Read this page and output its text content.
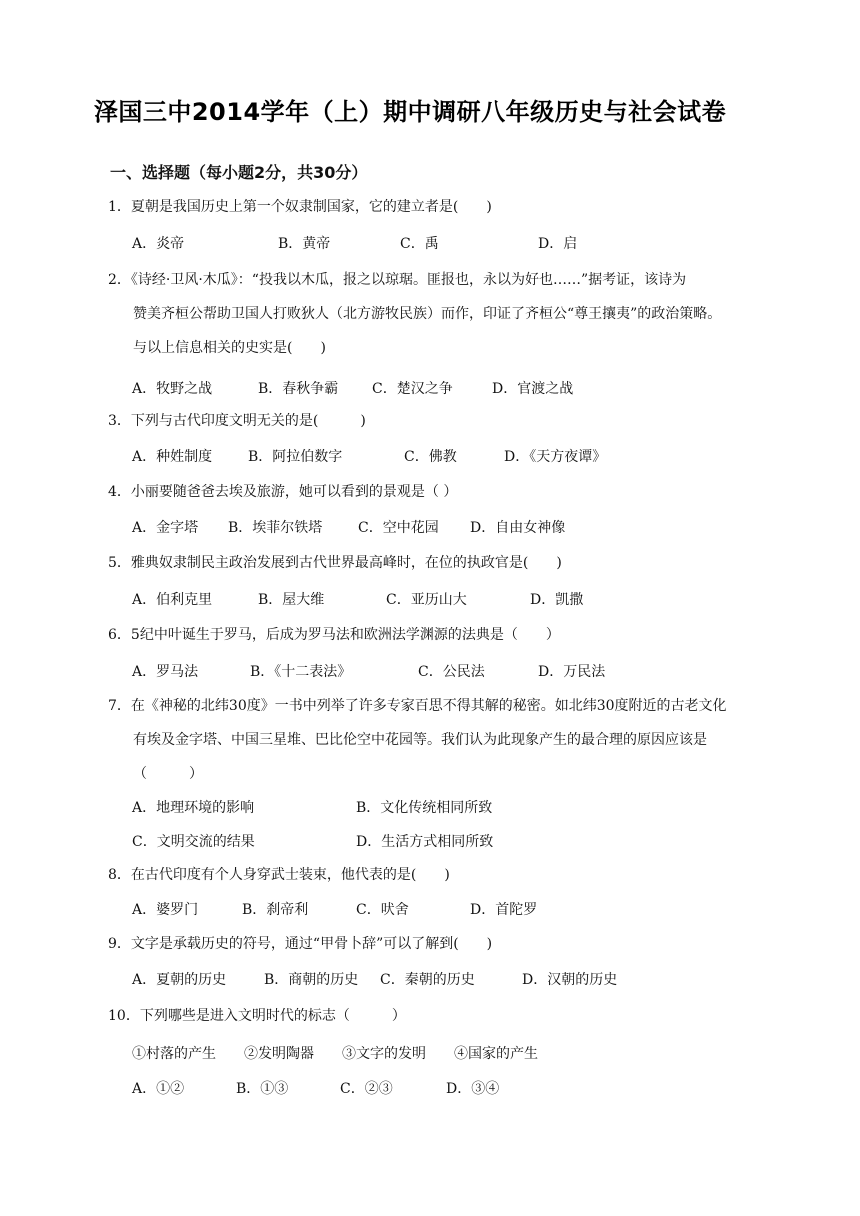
泽国三中2014学年（上）期中调研八年级历史与社会试卷
一、选择题（每小题2分，共30分）
1．夏朝是我国历史上第一个奴隶制国家，它的建立者是(　　)
A．炎帝	B．黄帝	C．禹	D．启
2．《诗经·卫风·木瓜》：“投我以木瓜，报之以琼琚。匪报也，永以为好也……”据考证，该诗为
赞美齐桓公帮助卫国人打败狄人（北方游牧民族）而作，印证了齐桓公“尊王攘夷”的政治策略。
与以上信息相关的史实是(　　)
A．牧野之战	B．春秋争霸 C．楚汉之争	D．官渡之战
3．下列与古代印度文明无关的是(　　　)
A．种姓制度	B．阿拉伯数字	C．佛教	D．《天方夜谭》
4．小丽要随爸爸去埃及旅游，她可以看到的景观是（ ）
A．金字塔 B．埃菲尔铁塔	C．空中花园 D．自由女神像
5．雅典奴隶制民主政治发展到古代世界最高峰时，在位的执政官是(　　)
A．伯利克里	B．屋大维	C．亚历山大	D．凯撒
6．5纪中叶诞生于罗马，后成为罗马法和欧洲法学渊源的法典是（　　）
A．罗马法	B．《十二表法》	C．公民法	D．万民法
7．在《神秘的北纬30度》一书中列举了许多专家百思不得其解的秘密。如北纬30度附近的古老文化
有埃及金字塔、中国三星堆、巴比伦空中花园等。我们认为此现象产生的最合理的原因应该是
（　　　）
A．地理环境的影响	B．文化传统相同所致
C．文明交流的结果	D．生活方式相同所致
8．在古代印度有个人身穿武士装束，他代表的是(　　)
A．婆罗门	B．刹帝利	C．吠舍	D．首陀罗
9．文字是承载历史的符号，通过“甲骨卜辞”可以了解到(　　)
A．夏朝的历史	B．商朝的历史 C．秦朝的历史	D．汉朝的历史
10．下列哪些是进入文明时代的标志（　　　）
①村落的产生　　②发明陶器　　③文字的发明　　④国家的产生
A．①②	B．①③	C．②③	D．③④
